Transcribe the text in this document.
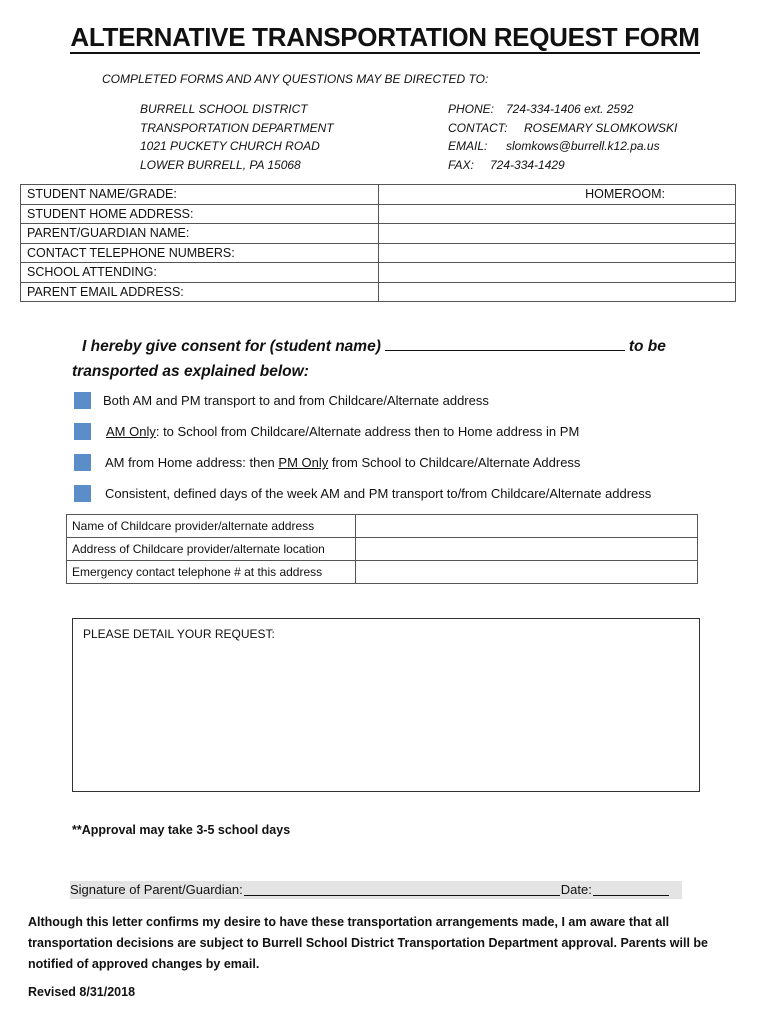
ALTERNATIVE TRANSPORTATION REQUEST FORM
COMPLETED FORMS AND ANY QUESTIONS MAY BE DIRECTED TO:
BURRELL SCHOOL DISTRICT
TRANSPORTATION DEPARTMENT
1021 PUCKETY CHURCH ROAD
LOWER BURRELL, PA 15068
PHONE: 724-334-1406 ext. 2592
CONTACT: ROSEMARY SLOMKOWSKI
EMAIL: slomkows@burrell.k12.pa.us
FAX: 724-334-1429
STUDENT NAME/GRADE:	HOMEROOM:
STUDENT HOME ADDRESS:	
PARENT/GUARDIAN NAME:	
CONTACT TELEPHONE NUMBERS:	
SCHOOL ATTENDING:	
PARENT EMAIL ADDRESS:	
I hereby give consent for (student name)	to be
transported as explained below:
Both AM and PM transport to and from Childcare/Alternate address
AM Only: to School from Childcare/Alternate address then to Home address in PM
AM from Home address: then PM Only from School to Childcare/Alternate Address
Consistent, defined days of the week AM and PM transport to/from Childcare/Alternate address
Name of Childcare provider/alternate address	
Address of Childcare provider/alternate location	
Emergency contact telephone # at this address	
PLEASE DETAIL YOUR REQUEST:
**Approval may take 3-5 school days
Signature of Parent/Guardian:	Date:
Although this letter confirms my desire to have these transportation arrangements made, I am aware that all transportation decisions are subject to Burrell School District Transportation Department approval. Parents will be notified of approved changes by email.
Revised 8/31/2018
